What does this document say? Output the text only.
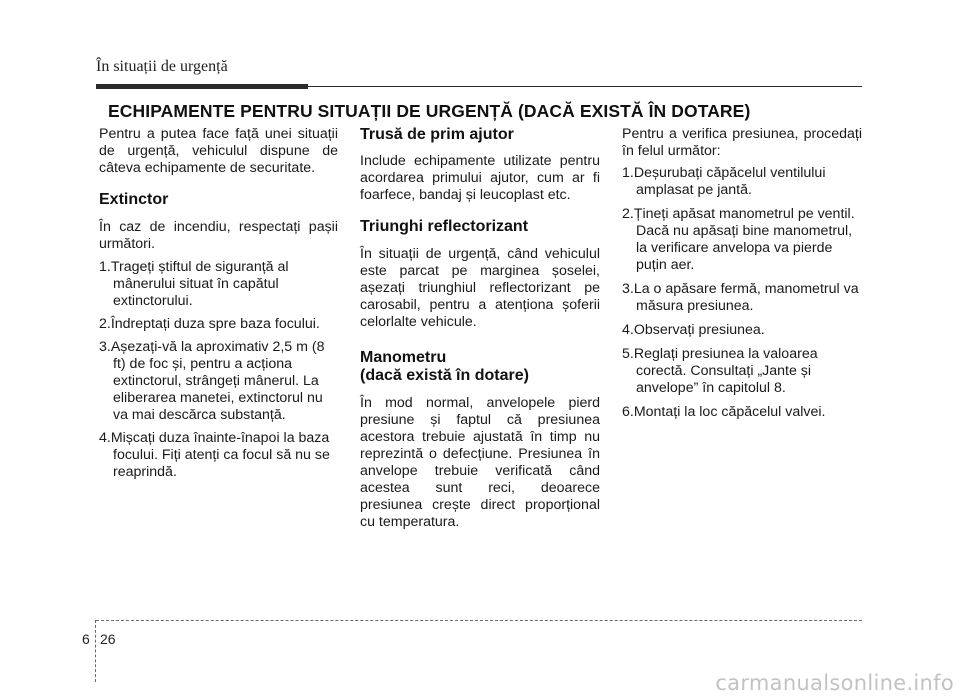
În situații de urgență
ECHIPAMENTE PENTRU SITUAȚII DE URGENȚĂ (DACĂ EXISTĂ ÎN DOTARE)

Pentru a putea face față unei situații de urgență, vehiculul dispune de câteva echipamente de securitate.

Extinctor

În caz de incendiu, respectați pașii următori.

1.Trageți știftul de siguranță al mânerului situat în capătul extinctorului.
2.Îndreptați duza spre baza focului.
3.Așezați-vă la aproximativ 2,5 m (8 ft) de foc și, pentru a acționa extinctorul, strângeți mânerul. La eliberarea manetei, extinctorul nu va mai descărca substanță.
4.Mișcați duza înainte-înapoi la baza focului. Fiți atenți ca focul să nu se reaprindă.
Trusă de prim ajutor

Include echipamente utilizate pentru acordarea primului ajutor, cum ar fi foarfece, bandaj și leucoplast etc.

Triunghi reflectorizant

În situații de urgență, când vehiculul este parcat pe marginea șoselei, așezați triunghiul reflectorizant pe carosabil, pentru a atenționa șoferii celorlalte vehicule.

Manometru
(dacă există în dotare)

În mod normal, anvelopele pierd presiune și faptul că presiunea acestora trebuie ajustată în timp nu reprezintă o defecțiune. Presiunea în anvelope trebuie verificată când acestea sunt reci, deoarece presiunea crește direct proporțional cu temperatura.

Pentru a verifica presiunea, procedați în felul următor:

1.Deșurubați căpăcelul ventilului amplasat pe jantă.
2.Țineți apăsat manometrul pe ventil. Dacă nu apăsați bine manometrul, la verificare anvelopa va pierde puțin aer.
3.La o apăsare fermă, manometrul va măsura presiunea.
4.Observați presiunea.
5.Reglați presiunea la valoarea corectă. Consultați „Jante și anvelope” în capitolul 8.
6.Montați la loc căpăcelul valvei.
6 26
carmanualsonline.info
